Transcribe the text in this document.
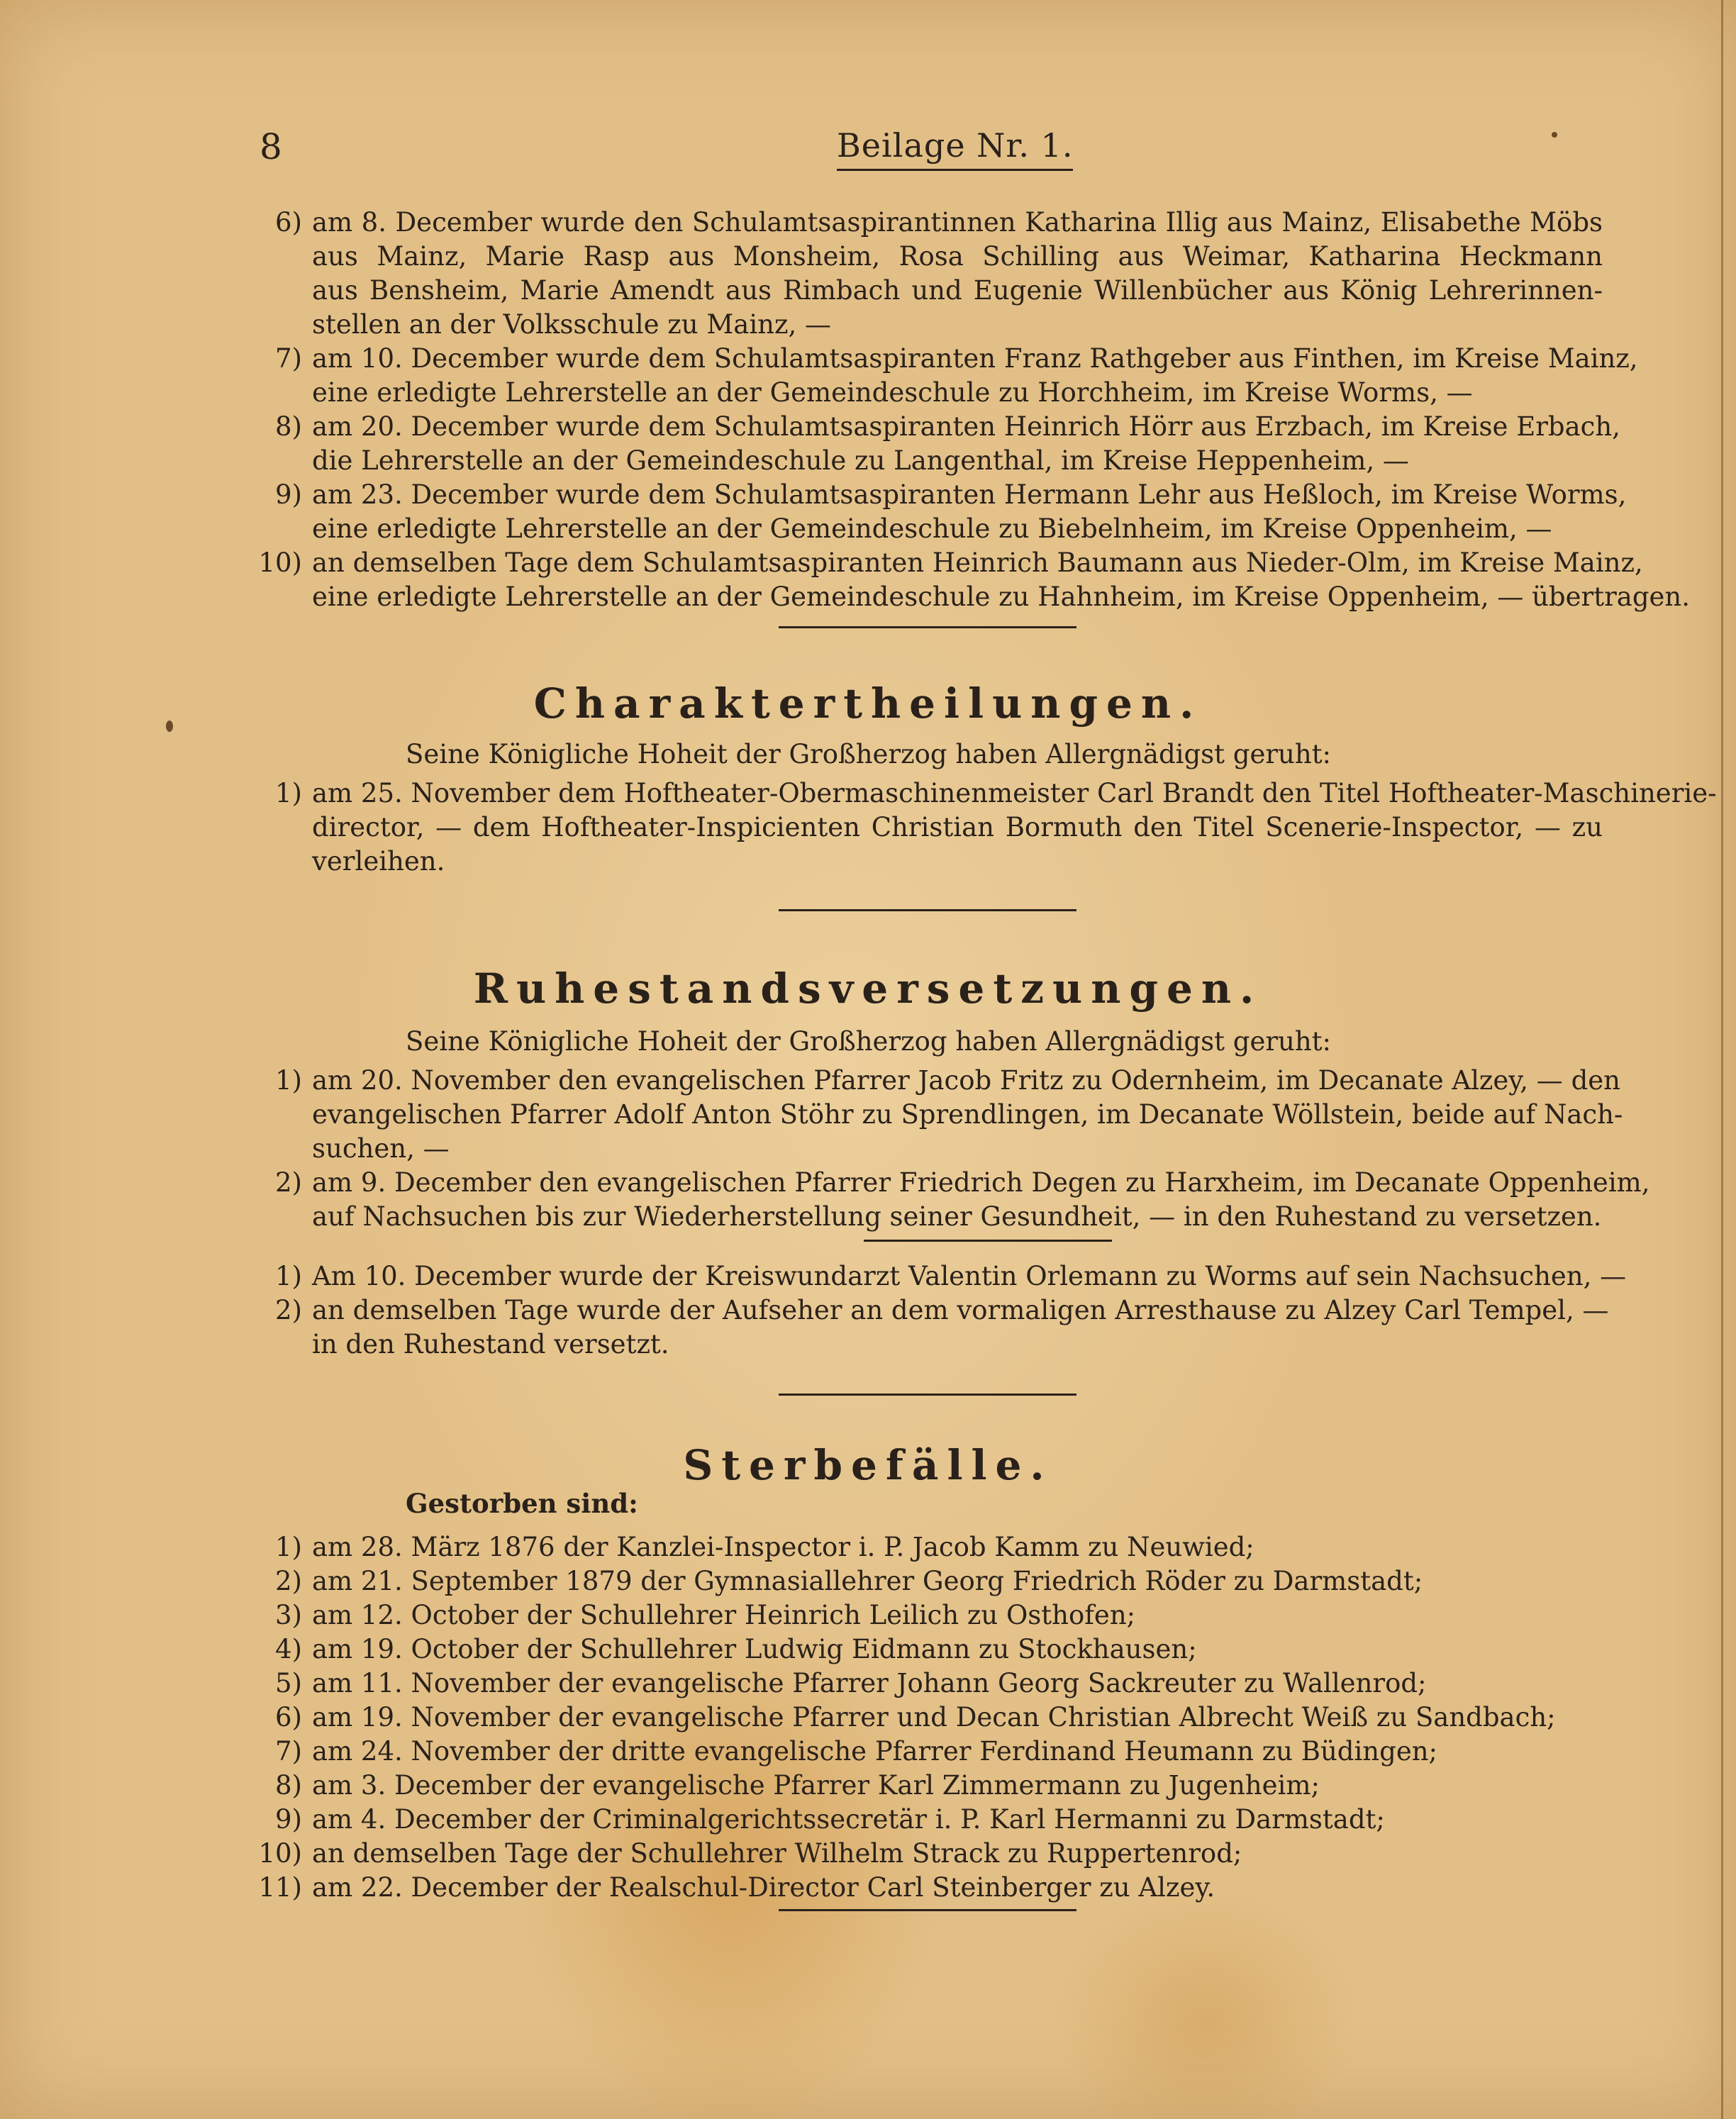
8	Beilage Nr. 1.
6) am 8. December wurde den Schulamtsaspirantinnen Katharina Illig aus Mainz, Elisabethe Möbs
aus Mainz, Marie Rasp aus Monsheim, Rosa Schilling aus Weimar, Katharina Heckmann
aus Bensheim, Marie Amendt aus Rimbach und Eugenie Willenbücher aus König Lehrerinnen-
stellen an der Volksschule zu Mainz, —
7) am 10. December wurde dem Schulamtsaspiranten Franz Rathgeber aus Finthen, im Kreise Mainz,
eine erledigte Lehrerstelle an der Gemeindeschule zu Horchheim, im Kreise Worms, —
8) am 20. December wurde dem Schulamtsaspiranten Heinrich Hörr aus Erzbach, im Kreise Erbach,
die Lehrerstelle an der Gemeindeschule zu Langenthal, im Kreise Heppenheim, —
9) am 23. December wurde dem Schulamtsaspiranten Hermann Lehr aus Heßloch, im Kreise Worms,
eine erledigte Lehrerstelle an der Gemeindeschule zu Biebelnheim, im Kreise Oppenheim, —
10) an demselben Tage dem Schulamtsaspiranten Heinrich Baumann aus Nieder-Olm, im Kreise Mainz,
eine erledigte Lehrerstelle an der Gemeindeschule zu Hahnheim, im Kreise Oppenheim, — übertragen.
Charaktertheilungen.
Seine Königliche Hoheit der Großherzog haben Allergnädigst geruht:
1) am 25. November dem Hoftheater-Obermaschinenmeister Carl Brandt den Titel Hoftheater-Maschinerie-
director, — dem Hoftheater-Inspicienten Christian Bormuth den Titel Scenerie-Inspector, — zu
verleihen.
Ruhestandsversetzungen.
Seine Königliche Hoheit der Großherzog haben Allergnädigst geruht:
1) am 20. November den evangelischen Pfarrer Jacob Fritz zu Odernheim, im Decanate Alzey, — den
evangelischen Pfarrer Adolf Anton Stöhr zu Sprendlingen, im Decanate Wöllstein, beide auf Nach-
suchen, —
2) am 9. December den evangelischen Pfarrer Friedrich Degen zu Harxheim, im Decanate Oppenheim,
auf Nachsuchen bis zur Wiederherstellung seiner Gesundheit, — in den Ruhestand zu versetzen.
1) Am 10. December wurde der Kreiswundarzt Valentin Orlemann zu Worms auf sein Nachsuchen, —
2) an demselben Tage wurde der Aufseher an dem vormaligen Arresthause zu Alzey Carl Tempel, —
in den Ruhestand versetzt.
Sterbefälle.
Gestorben sind:
1) am 28. März 1876 der Kanzlei-Inspector i. P. Jacob Kamm zu Neuwied;
2) am 21. September 1879 der Gymnasiallehrer Georg Friedrich Röder zu Darmstadt;
3) am 12. October der Schullehrer Heinrich Leilich zu Osthofen;
4) am 19. October der Schullehrer Ludwig Eidmann zu Stockhausen;
5) am 11. November der evangelische Pfarrer Johann Georg Sackreuter zu Wallenrod;
6) am 19. November der evangelische Pfarrer und Decan Christian Albrecht Weiß zu Sandbach;
7) am 24. November der dritte evangelische Pfarrer Ferdinand Heumann zu Büdingen;
8) am 3. December der evangelische Pfarrer Karl Zimmermann zu Jugenheim;
9) am 4. December der Criminalgerichtssecretär i. P. Karl Hermanni zu Darmstadt;
10) an demselben Tage der Schullehrer Wilhelm Strack zu Ruppertenrod;
11) am 22. December der Realschul-Director Carl Steinberger zu Alzey.
